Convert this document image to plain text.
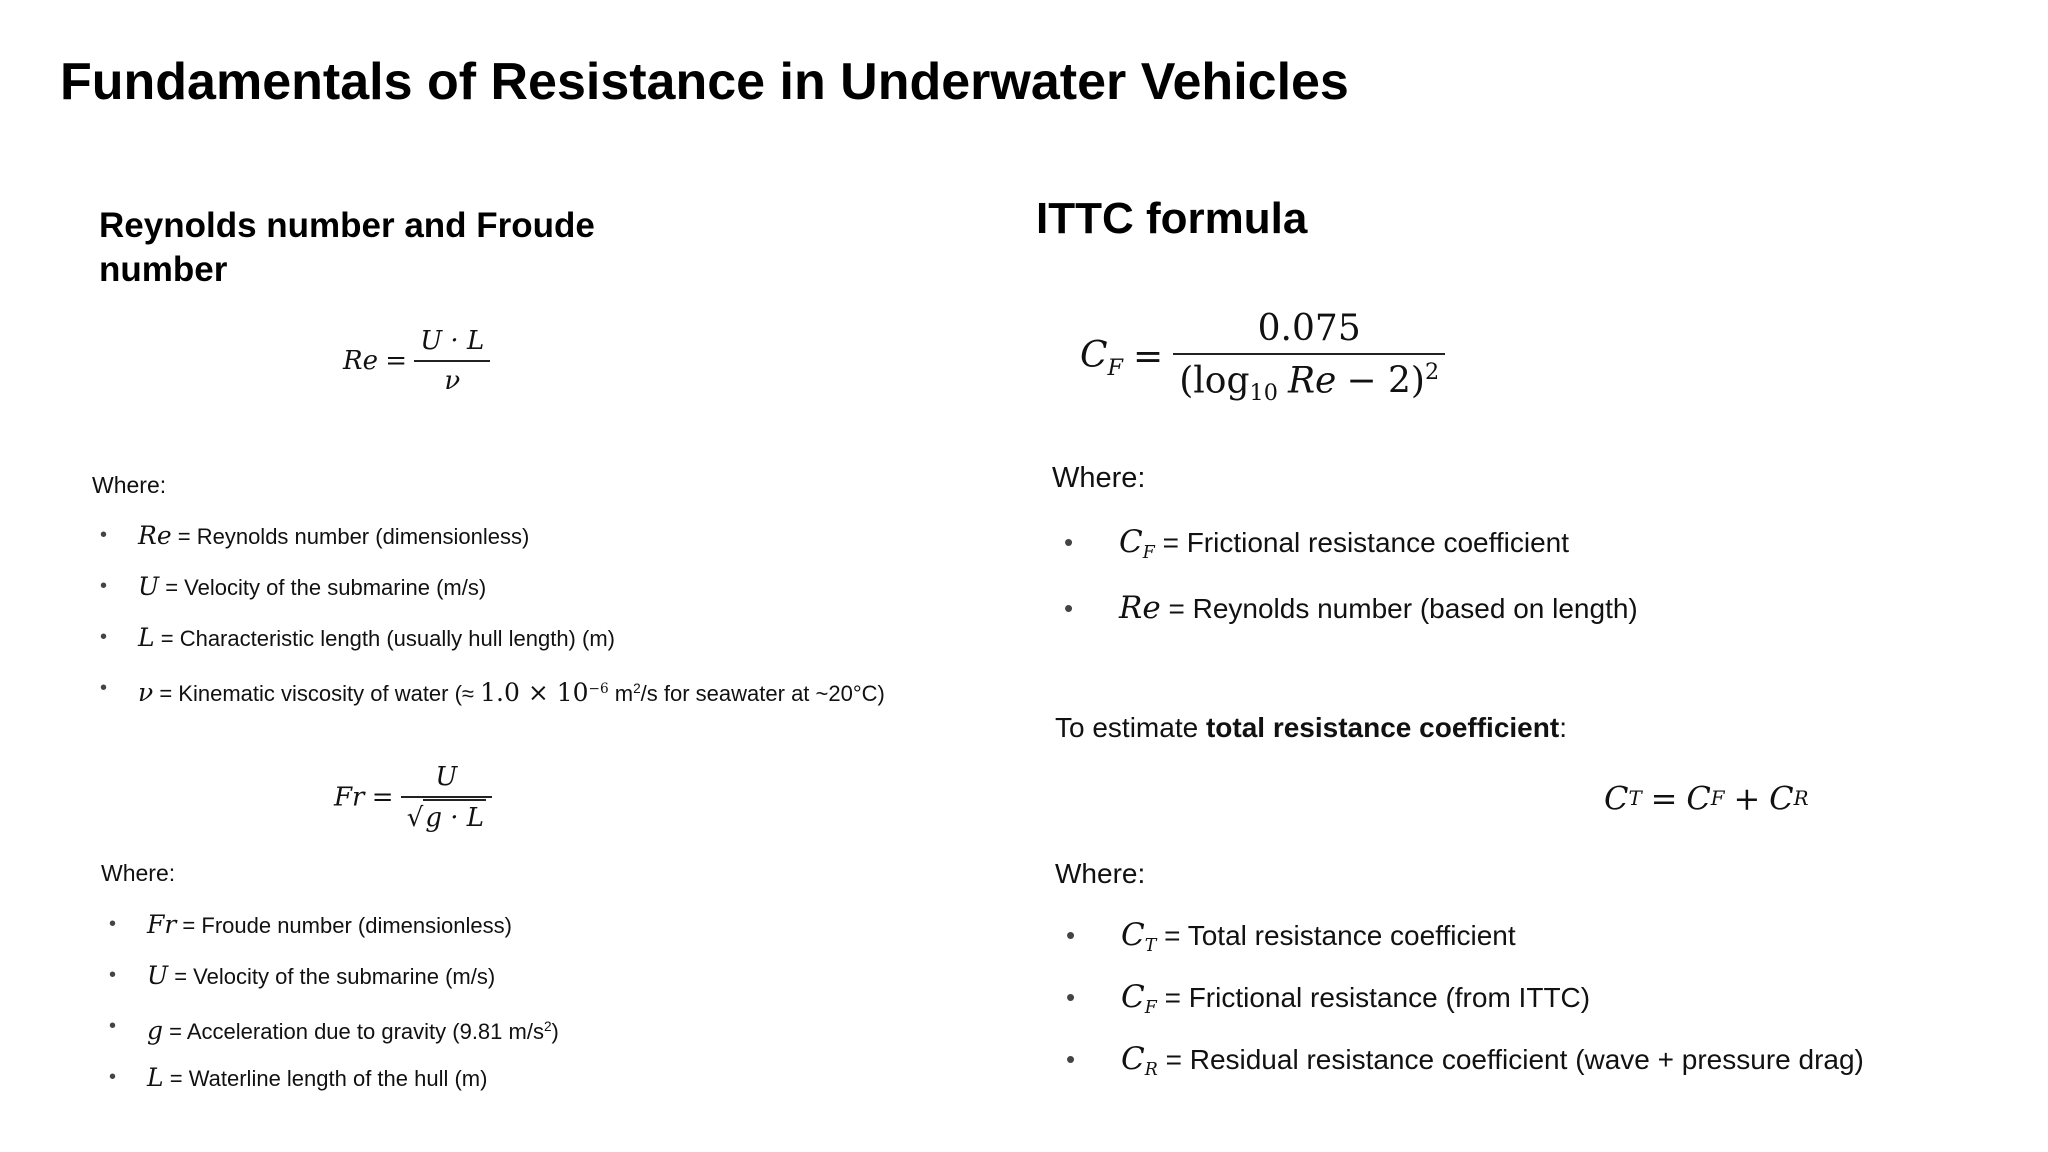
Fundamentals of Resistance in Underwater Vehicles
Reynolds number and Froude
number
$Re = \frac{U \cdot L}{\nu}$
Where:
• Re = Reynolds number (dimensionless)
• U = Velocity of the submarine (m/s)
• L = Characteristic length (usually hull length) (m)
• ν = Kinematic viscosity of water (≈ $1.0 \times 10^{-6}$ $m^2/s$ for seawater at ~20°C)
$Fr = \frac{U}{√g \cdot L}$
Where:
• Fr = Froude number (dimensionless)
• U = Velocity of the submarine (m/s)
• g = Acceleration due to gravity (9.81 $m/s^2$)
• L = Waterline length of the hull (m)
ITTC formula
$C_F = \frac{0.075}{(\log_{10} Re - 2)^2}$
Where:
• $C_F$ = Frictional resistance coefficient
• Re = Reynolds number (based on length)
To estimate total resistance coefficient:
CT = CF + CR
Where:
• $C_T$ = Total resistance coefficient
• $C_F$ = Frictional resistance (from ITTC)
• $C_R$ = Residual resistance coefficient (wave + pressure drag)
